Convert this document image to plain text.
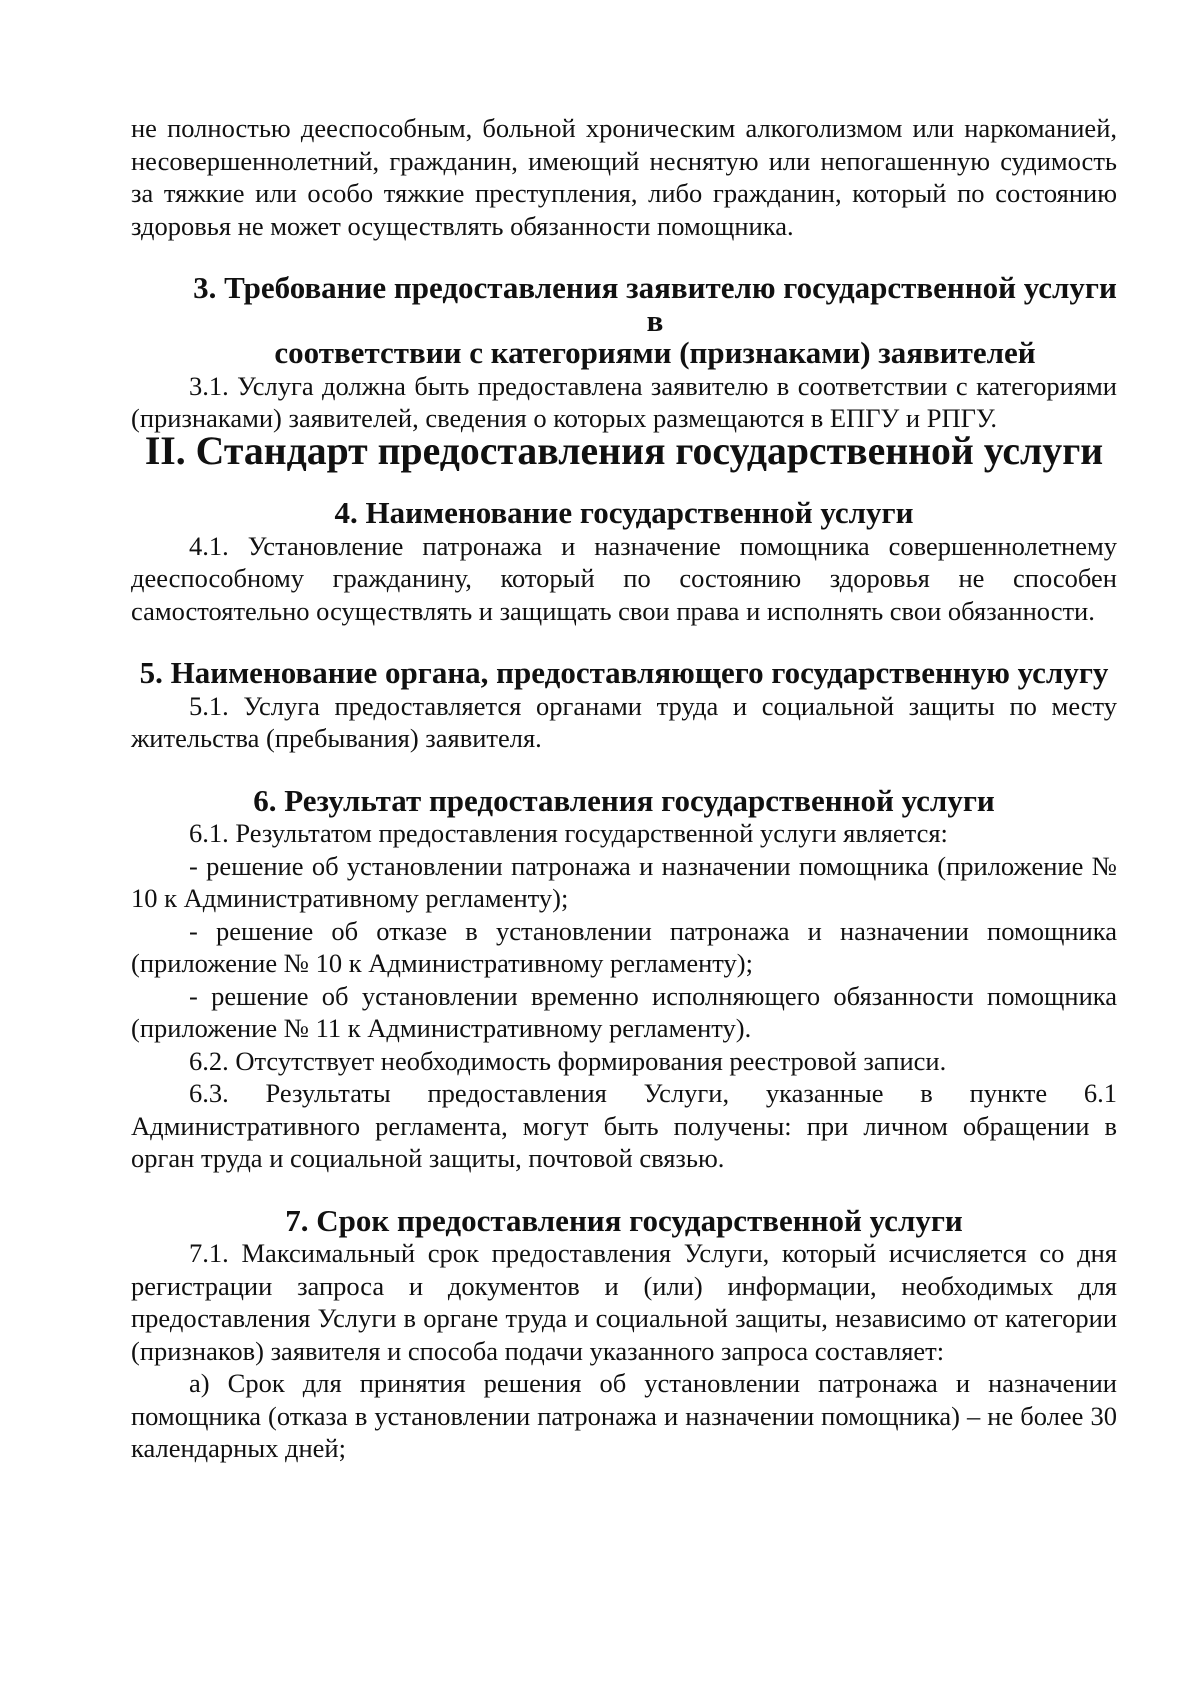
не полностью дееспособным, больной хроническим алкоголизмом или наркоманией, несовершеннолетний, гражданин, имеющий неснятую или непогашенную судимость за тяжкие или особо тяжкие преступления, либо гражданин, который по состоянию здоровья не может осуществлять обязанности помощника.

3. Требование предоставления заявителю государственной услуги в
соответствии с категориями (признаками) заявителей

3.1. Услуга должна быть предоставлена заявителю в соответствии с категориями (признаками) заявителей, сведения о которых размещаются в ЕПГУ и РПГУ.

II. Стандарт предоставления государственной услуги
4. Наименование государственной услуги

4.1. Установление патронажа и назначение помощника совершеннолетнему дееспособному гражданину, который по состоянию здоровья не способен самостоятельно осуществлять и защищать свои права и исполнять свои обязанности.

5. Наименование органа, предоставляющего государственную услугу

5.1. Услуга предоставляется органами труда и социальной защиты по месту жительства (пребывания) заявителя.

6. Результат предоставления государственной услуги

6.1. Результатом предоставления государственной услуги является:

- решение об установлении патронажа и назначении помощника (приложение № 10 к Административному регламенту);

- решение об отказе в установлении патронажа и назначении помощника (приложение № 10 к Административному регламенту);

- решение об установлении временно исполняющего обязанности помощника (приложение № 11 к Административному регламенту).

6.2. Отсутствует необходимость формирования реестровой записи.

6.3. Результаты предоставления Услуги, указанные в пункте 6.1 Административного регламента, могут быть получены: при личном обращении в орган труда и социальной защиты, почтовой связью.

7. Срок предоставления государственной услуги

7.1. Максимальный срок предоставления Услуги, который исчисляется со дня регистрации запроса и документов и (или) информации, необходимых для предоставления Услуги в органе труда и социальной защиты, независимо от категории (признаков) заявителя и способа подачи указанного запроса составляет:

а) Срок для принятия решения об установлении патронажа и назначении помощника (отказа в установлении патронажа и назначении помощника) – не более 30 календарных дней;
